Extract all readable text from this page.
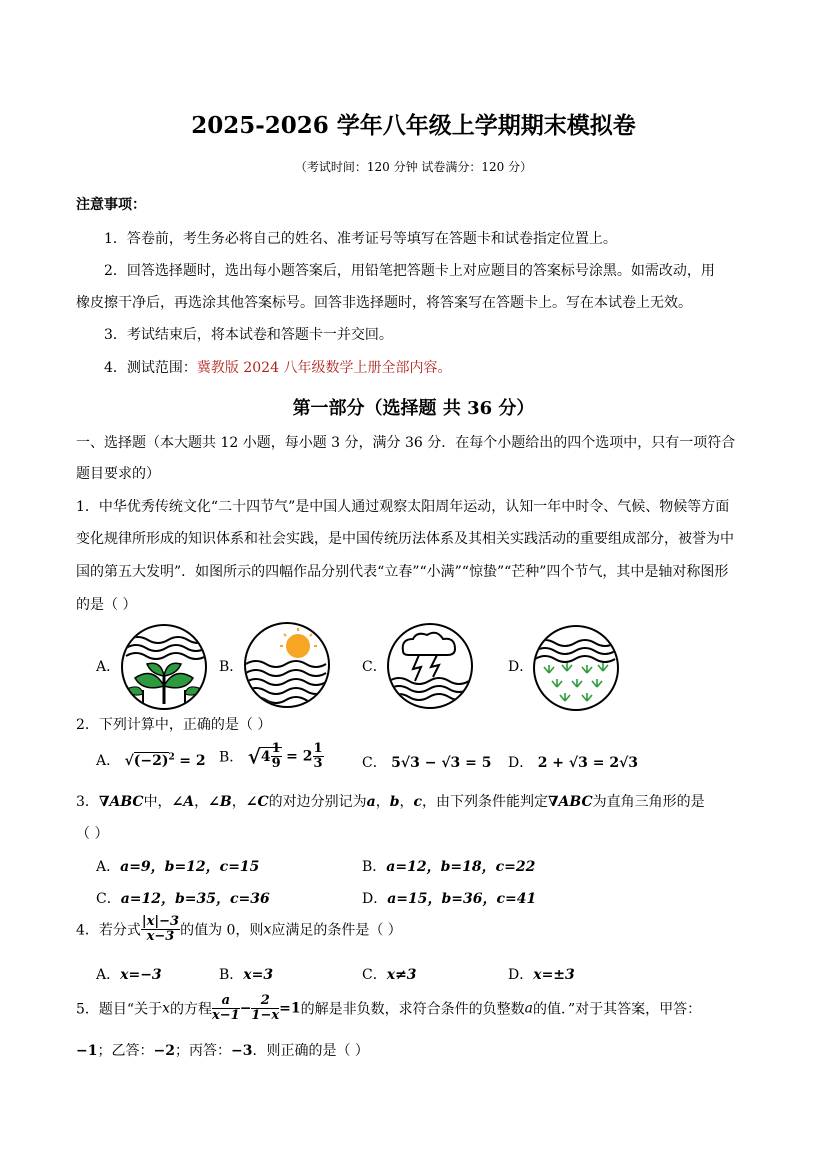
2025-2026 学年八年级上学期期末模拟卷
（考试时间：120 分钟 试卷满分：120 分）
注意事项：
1．答卷前，考生务必将自己的姓名、准考证号等填写在答题卡和试卷指定位置上。
2．回答选择题时，选出每小题答案后，用铅笔把答题卡上对应题目的答案标号涂黑。如需改动，用
橡皮擦干净后，再选涂其他答案标号。回答非选择题时，将答案写在答题卡上。写在本试卷上无效。
3．考试结束后，将本试卷和答题卡一并交回。
4．测试范围：冀教版 2024 八年级数学上册全部内容。
第一部分（选择题 共 36 分）
一、选择题（本大题共 12 小题，每小题 3 分，满分 36 分．在每个小题给出的四个选项中，只有一项符合
题目要求的）
1．中华优秀传统文化“二十四节气”是中国人通过观察太阳周年运动，认知一年中时令、气候、物候等方面
变化规律所形成的知识体系和社会实践，是中国传统历法体系及其相关实践活动的重要组成部分，被誉为中
国的第五大发明”．如图所示的四幅作品分别代表“立春”“小满”“惊蛰”“芒种”四个节气，其中是轴对称图形
的是（ ）
A．	B．	C．	D．
2．下列计算中，正确的是（ ）
A． $√(-2)^2 = 2$ B． $√4 \frac{1}{9} = 2 \frac{1}{3}$	C． 5√3 − √3 = 5 D． 2 + √3 = 2√3
3．∇ABC中，∠A，∠B，∠C的对边分别记为a，b，c，由下列条件能判定∇ABC为直角三角形的是
（ ）
A．a=9，b=12，c=15	B．a=12，b=18，c=22
C．a=12，b=35，c=36	D．a=15，b=36，c=41
4．若分式 $\frac{|x|-3}{x-3}$ 的值为 0，则x应满足的条件是（ ）
A．x=−3	B．x=3	C．x≠3	D．x=±3
5．题目“关于x的方程 $\frac{a}{x-1} - \frac{2}{1-x} =1$的解是非负数，求符合条件的负整数a的值．”对于其答案，甲答：
−1；乙答：−2；丙答：−3．则正确的是（ ）
